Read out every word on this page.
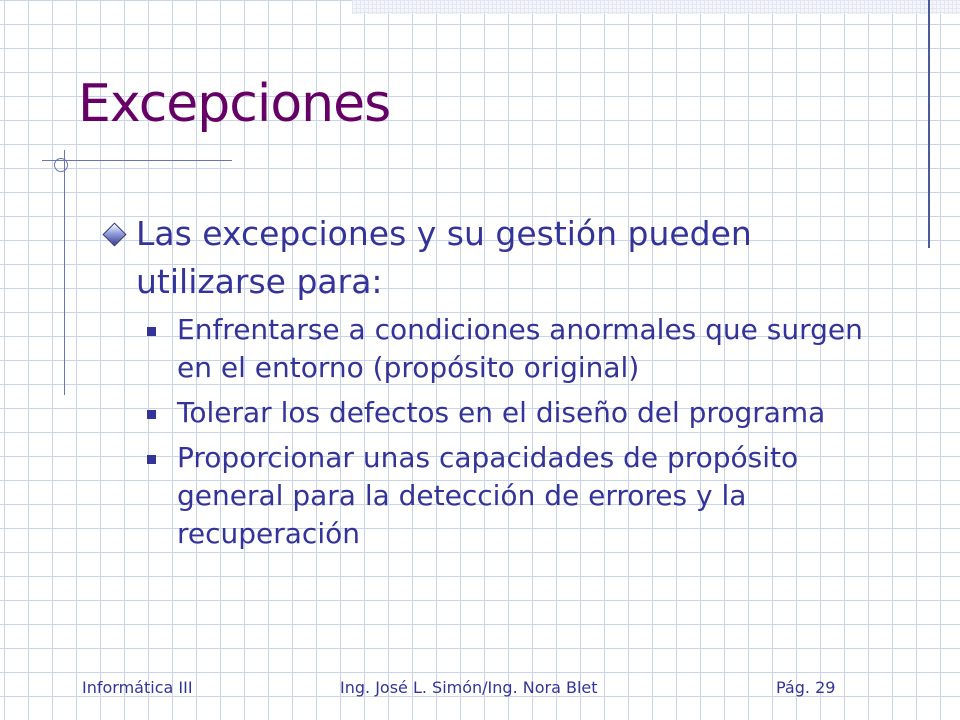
Excepciones

Las excepciones y su gestión pueden utilizarse para:

Enfrentarse a condiciones anormales que surgen en el entorno (propósito original)

Tolerar los defectos en el diseño del programa

Proporcionar unas capacidades de propósito general para la detección de errores y la recuperación

Informática III	Ing. José L. Simón/Ing. Nora Blet	Pág. 29
